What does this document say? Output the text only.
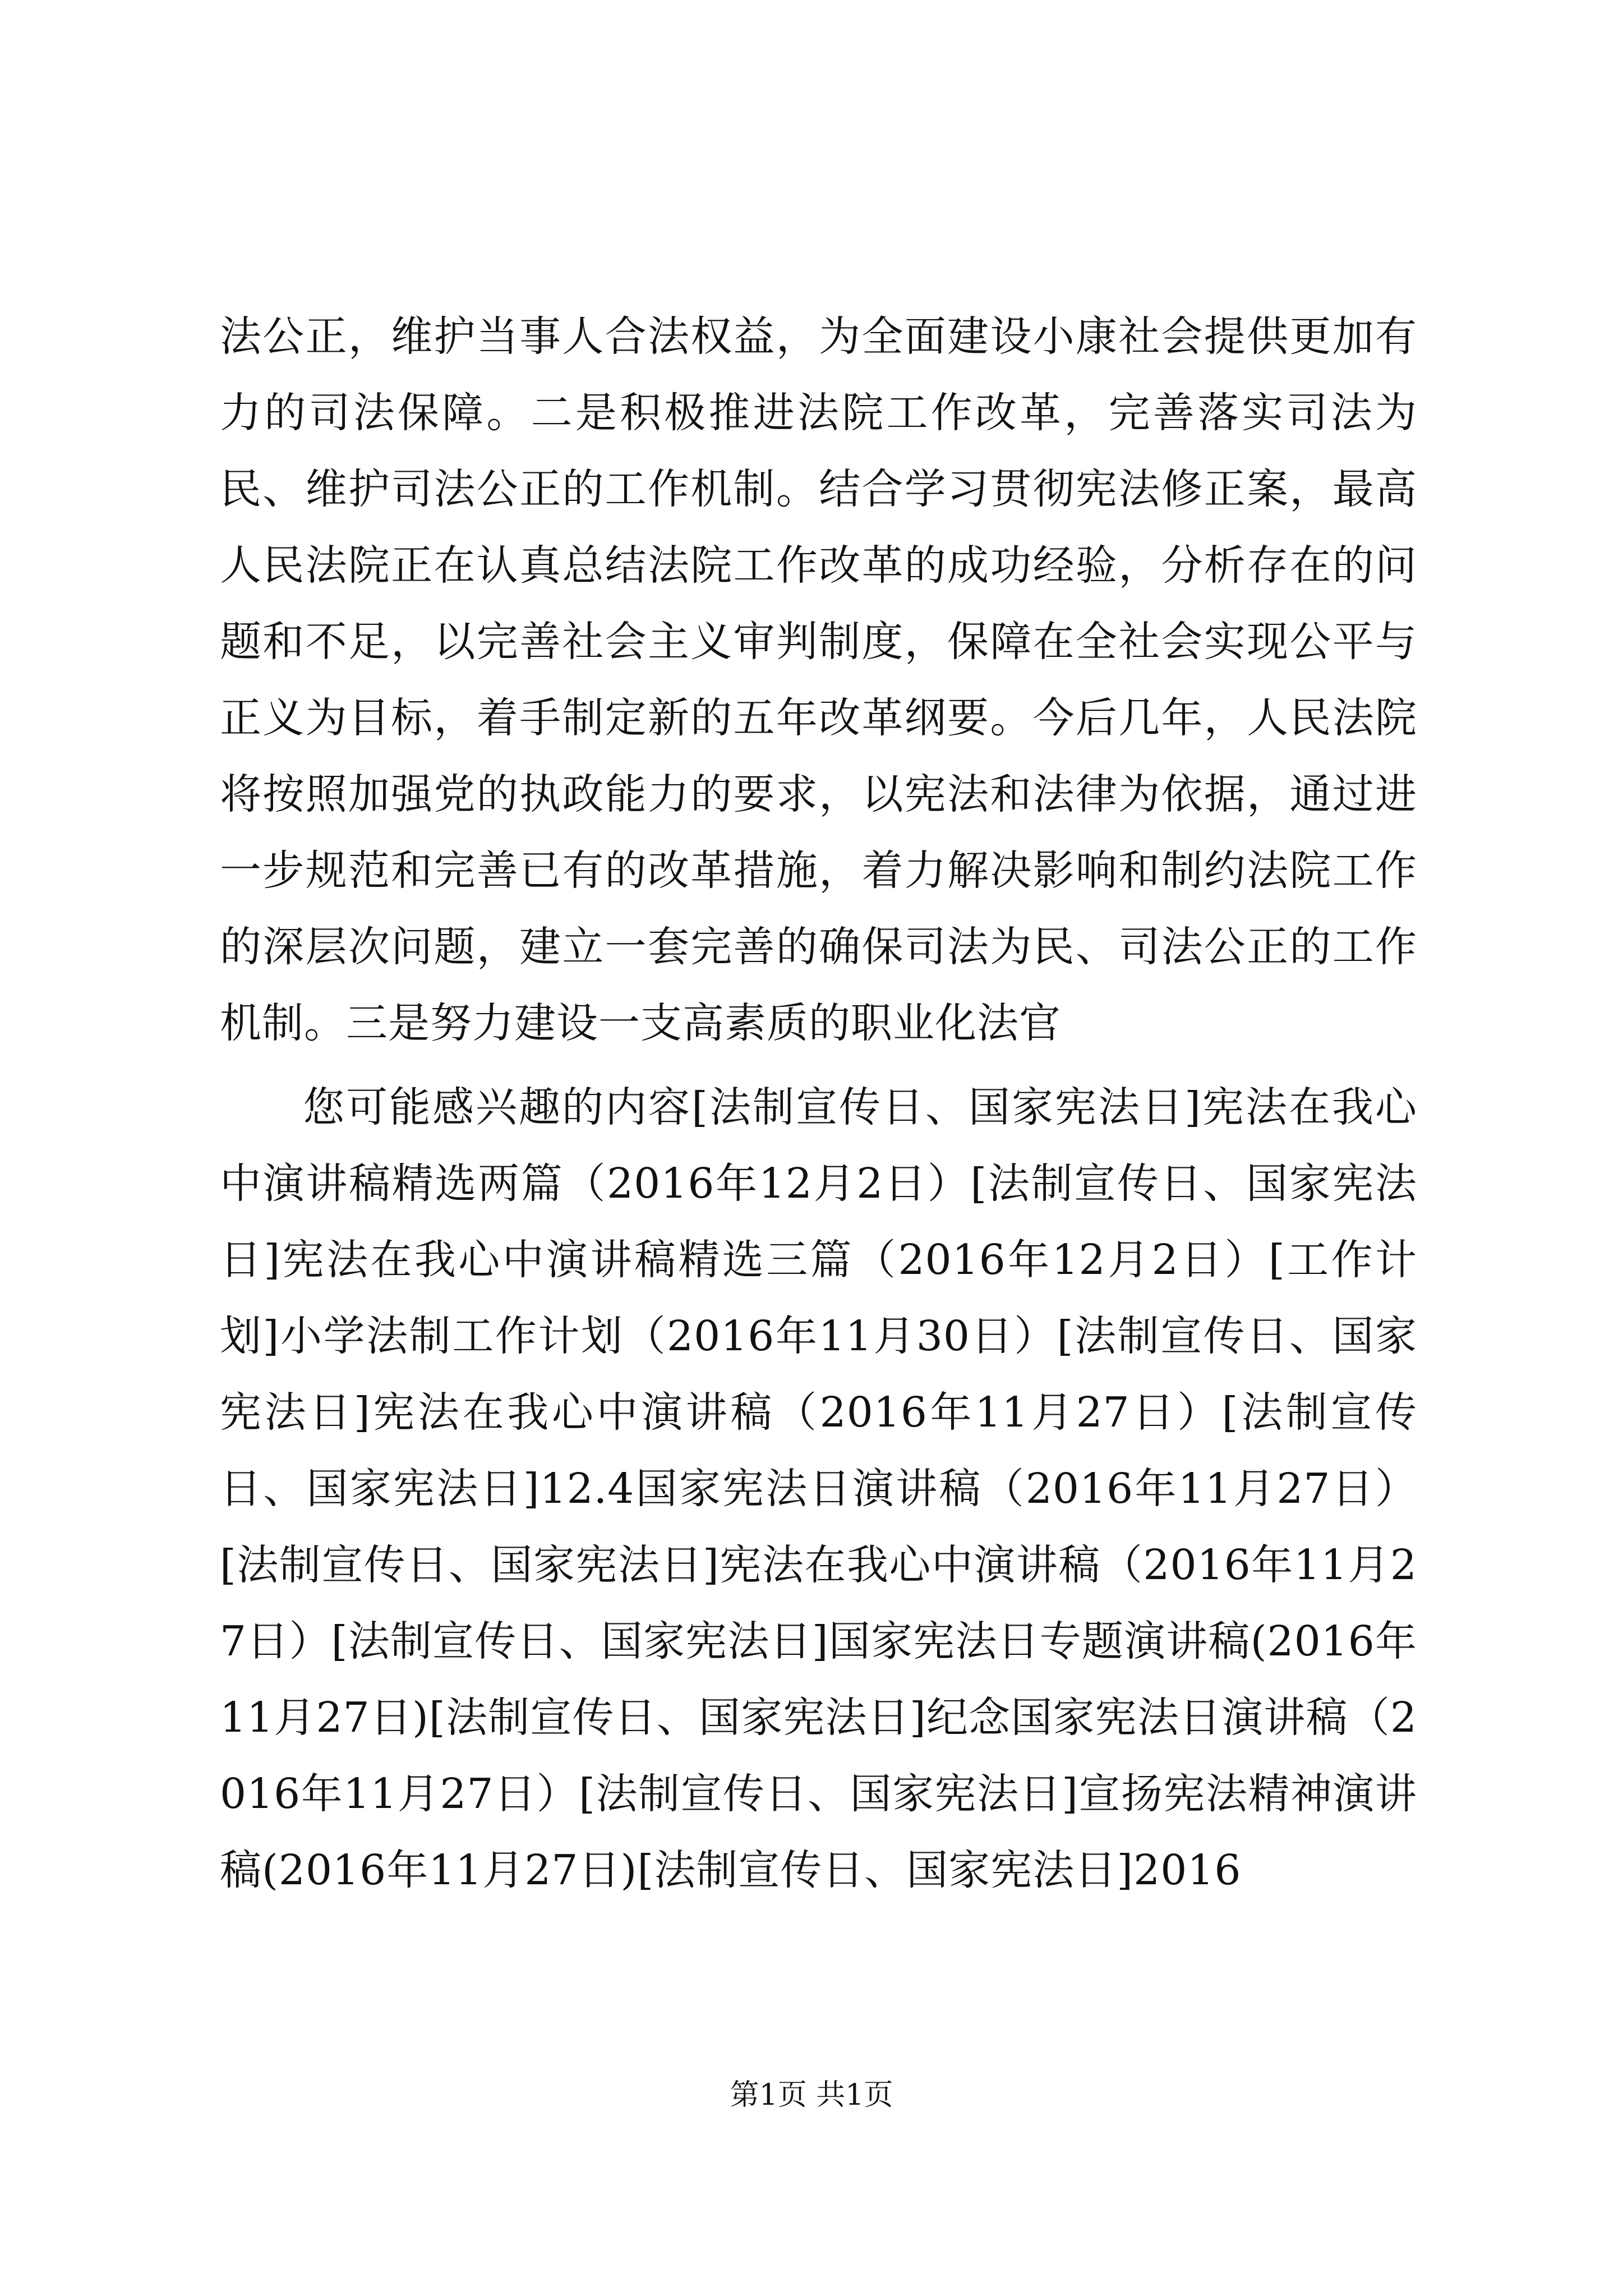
法公正，维护当事人合法权益，为全面建设小康社会提供更加有力的司法保障。二是积极推进法院工作改革，完善落实司法为民、维护司法公正的工作机制。结合学习贯彻宪法修正案，最高人民法院正在认真总结法院工作改革的成功经验，分析存在的问题和不足，以完善社会主义审判制度，保障在全社会实现公平与正义为目标，着手制定新的五年改革纲要。今后几年，人民法院将按照加强党的执政能力的要求，以宪法和法律为依据，通过进一步规范和完善已有的改革措施，着力解决影响和制约法院工作的深层次问题，建立一套完善的确保司法为民、司法公正的工作机制。三是努力建设一支高素质的职业化法官

您可能感兴趣的内容[法制宣传日、国家宪法日]宪法在我心中演讲稿精选两篇（2016年12月2日）[法制宣传日、国家宪法日]宪法在我心中演讲稿精选三篇（2016年12月2日）[工作计划]小学法制工作计划（2016年11月30日）[法制宣传日、国家宪法日]宪法在我心中演讲稿（2016年11月27日）[法制宣传日、国家宪法日]12.4国家宪法日演讲稿（2016年11月27日）[法制宣传日、国家宪法日]宪法在我心中演讲稿（2016年11月27日）[法制宣传日、国家宪法日]国家宪法日专题演讲稿(2016年11月27日)[法制宣传日、国家宪法日]纪念国家宪法日演讲稿（2016年11月27日）[法制宣传日、国家宪法日]宣扬宪法精神演讲稿(2016年11月27日)[法制宣传日、国家宪法日]2016

第1页 共1页
